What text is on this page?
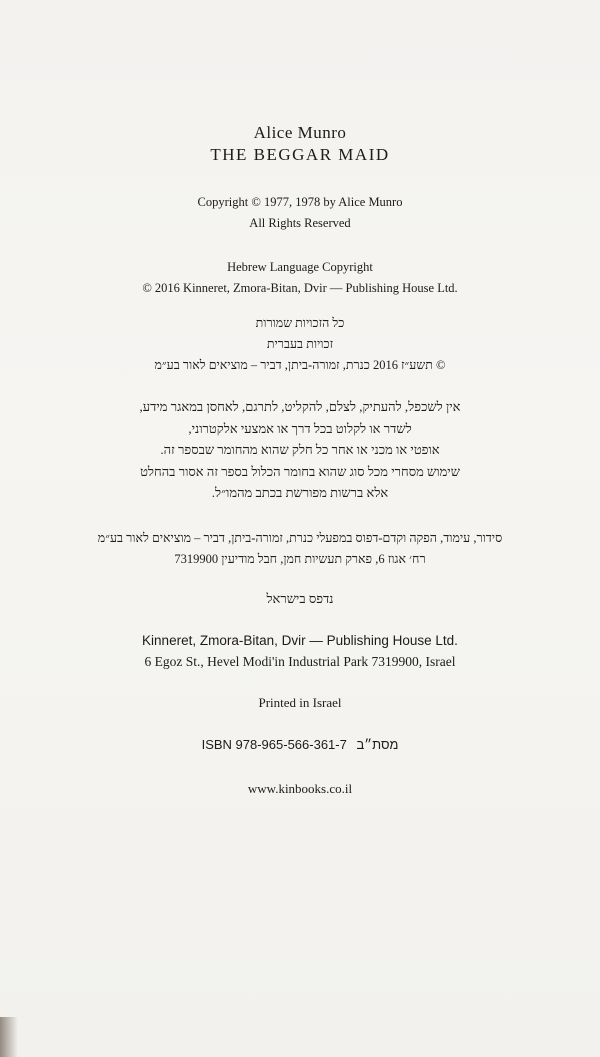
Alice Munro
THE BEGGAR MAID
Copyright © 1977, 1978 by Alice Munro
All Rights Reserved
Hebrew Language Copyright
© 2016 Kinneret, Zmora-Bitan, Dvir — Publishing House Ltd.
כל הזכויות שמורות
זכויות בעברית
© תשע״ז 2016 כנרת, זמורה-ביתן, דביר – מוציאים לאור בע״מ
אין לשכפל, להעתיק, לצלם, להקליט, לתרגם, לאחסן במאגר מידע,
לשדר או לקלוט בכל דרך או אמצעי אלקטרוני,
אופטי או מכני או אחר כל חלק שהוא מהחומר שבספר זה.
שימוש מסחרי מכל סוג שהוא בחומר הכלול בספר זה אסור בהחלט
אלא ברשות מפורשת בכתב מהמו״ל.
סידור, עימוד, הפקה וקדם-דפוס במפעלי כנרת, זמורה-ביתן, דביר – מוציאים לאור בע״מ
רח׳ אגוז 6, פארק תעשיות חמן, חבל מודיעין 7319900
נדפס בישראל
Kinneret, Zmora-Bitan, Dvir — Publishing House Ltd.
6 Egoz St., Hevel Modi'in Industrial Park 7319900, Israel
Printed in Israel
ISBN 978-965-566-361-7 מסת״ב
www.kinbooks.co.il
